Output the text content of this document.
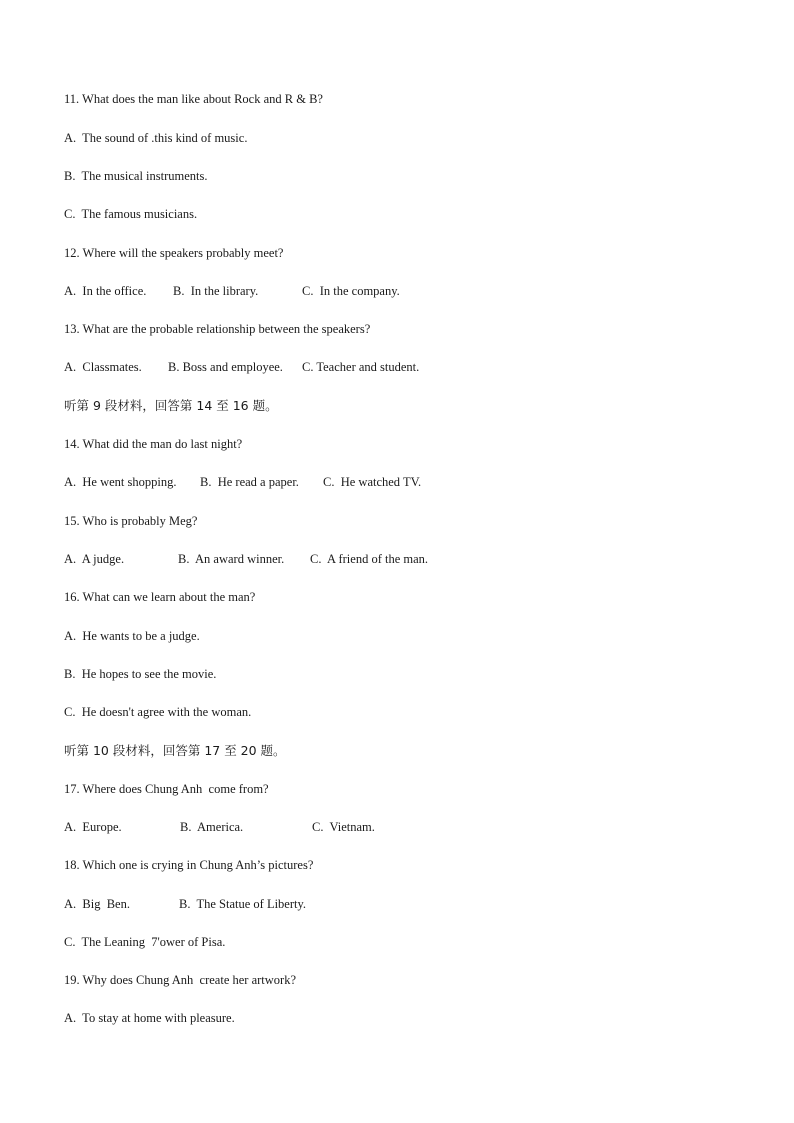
11. What does the man like about Rock and R & B?
A.  The sound of .this kind of music.
B.  The musical instruments.
C.  The famous musicians.
12. Where will the speakers probably meet?
A.  In the office. B.  In the library.	C.  In the company.
13. What are the probable relationship between the speakers?
A.  Classmates. B. Boss and employee. C. Teacher and student.
听第 9 段材料，回答第 14 至 16 题。
14. What did the man do last night?
A.  He went shopping. B.  He read a paper. C.  He watched TV.
15. Who is probably Meg?
A.  A judge.	B.  An award winner. C.  A friend of the man.
16. What can we learn about the man?
A.  He wants to be a judge.
B.  He hopes to see the movie.
C.  He doesn't agree with the woman.
听第 10 段材料，回答第 17 至 20 题。
17. Where does Chung Anh  come from?
A.  Europe.	B.  America.	C.  Vietnam.
18. Which one is crying in Chung Anh’s pictures?
A.  Big  Ben.	B.  The Statue of Liberty.
C.  The Leaning  7'ower of Pisa.
19. Why does Chung Anh  create her artwork?
A.  To stay at home with pleasure.
